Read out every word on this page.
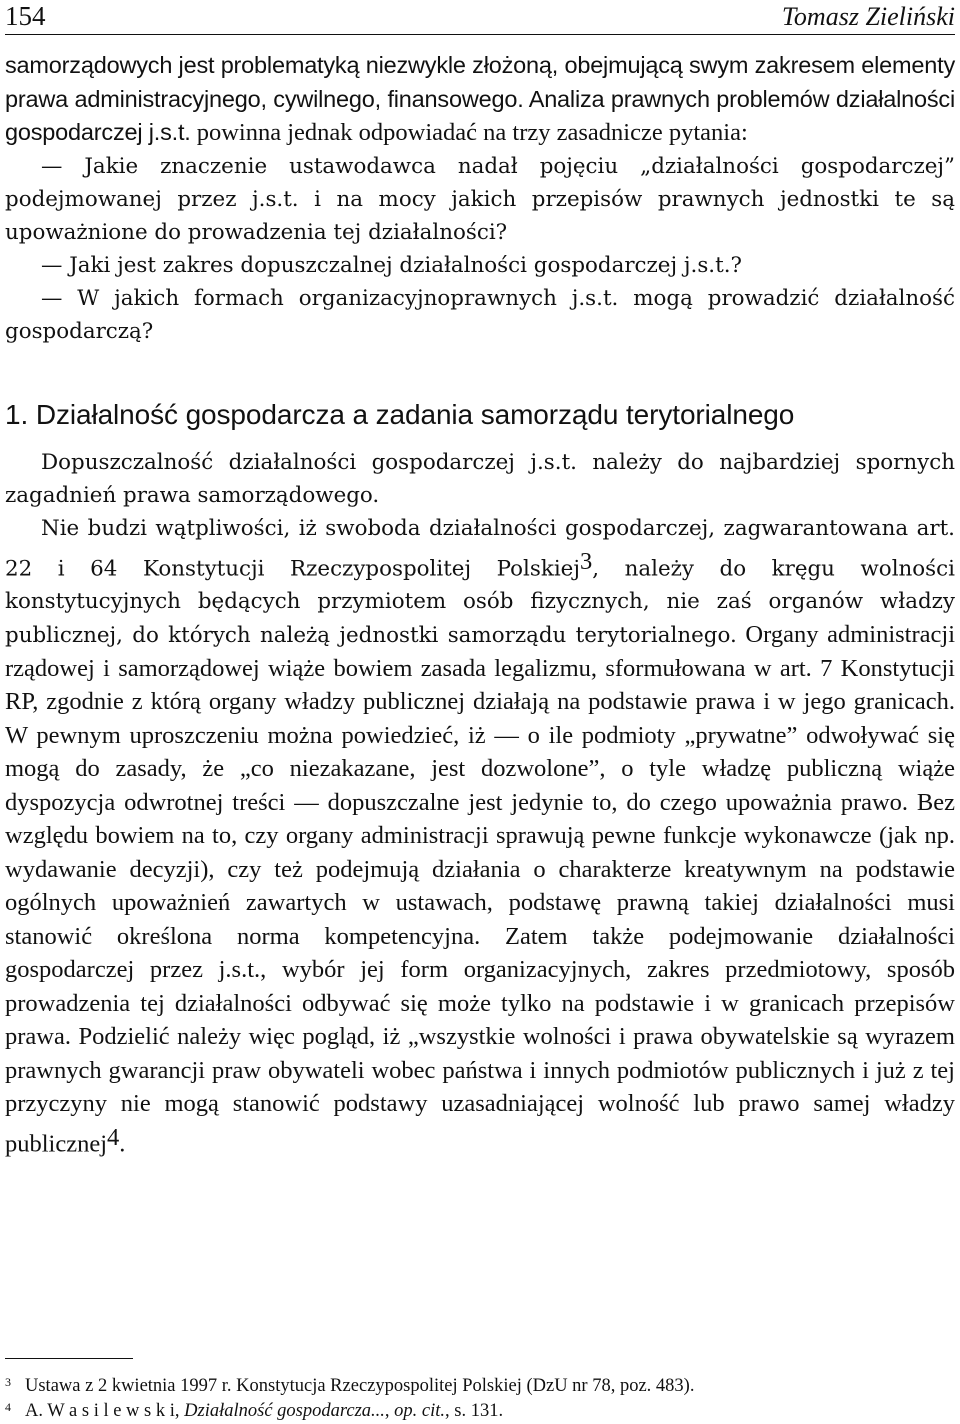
154	Tomasz Zieliński

samorządowych jest problematyką niezwykle złożoną, obejmującą swym zakresem elementy prawa administracyjnego, cywilnego, finansowego. Analiza prawnych problemów działalności gospodarczej j.s.t. powinna jednak odpowiadać na trzy zasadnicze pytania:

— Jakie znaczenie ustawodawca nadał pojęciu „działalności gospodarczej” podejmowanej przez j.s.t. i na mocy jakich przepisów prawnych jednostki te są upoważnione do prowadzenia tej działalności?

— Jaki jest zakres dopuszczalnej działalności gospodarczej j.s.t.?

— W jakich formach organizacyjnoprawnych j.s.t. mogą prowadzić działalność gospodarczą?

1. Działalność gospodarcza a zadania samorządu terytorialnego

Dopuszczalność działalności gospodarczej j.s.t. należy do najbardziej spornych zagadnień prawa samorządowego.

Nie budzi wątpliwości, iż swoboda działalności gospodarczej, zagwarantowana art. 22 i 64 Konstytucji Rzeczypospolitej Polskiej$^3$, należy do kręgu wolności konstytucyjnych będących przymiotem osób fizycznych, nie zaś organów władzy publicznej, do których należą jednostki samorządu terytorialnego. Organy administracji rządowej i samorządowej wiąże bowiem zasada legalizmu, sformułowana w art. 7 Konstytucji RP, zgodnie z którą organy władzy publicznej działają na podstawie prawa i w jego granicach. W pewnym uproszczeniu można powiedzieć, iż — o ile podmioty „prywatne” odwoływać się mogą do zasady, że „co niezakazane, jest dozwolone”, o tyle władzę publiczną wiąże dyspozycja odwrotnej treści — dopuszczalne jest jedynie to, do czego upoważnia prawo. Bez względu bowiem na to, czy organy administracji sprawują pewne funkcje wykonawcze (jak np. wydawanie decyzji), czy też podejmują działania o charakterze kreatywnym na podstawie ogólnych upoważnień zawartych w ustawach, podstawę prawną takiej działalności musi stanowić określona norma kompetencyjna. Zatem także podejmowanie działalności gospodarczej przez j.s.t., wybór jej form organizacyjnych, zakres przedmiotowy, sposób prowadzenia tej działalności odbywać się może tylko na podstawie i w granicach przepisów prawa. Podzielić należy więc pogląd, iż „wszystkie wolności i prawa obywatelskie są wyrazem prawnych gwarancji praw obywateli wobec państwa i innych podmiotów publicznych i już z tej przyczyny nie mogą stanowić podstawy uzasadniającej wolność lub prawo samej władzy publicznej$^4$.

3 Ustawa z 2 kwietnia 1997 r. Konstytucja Rzeczypospolitej Polskiej (DzU nr 78, poz. 483).
4 A. W a s i l e w s k i, Działalność gospodarcza..., op. cit., s. 131.
